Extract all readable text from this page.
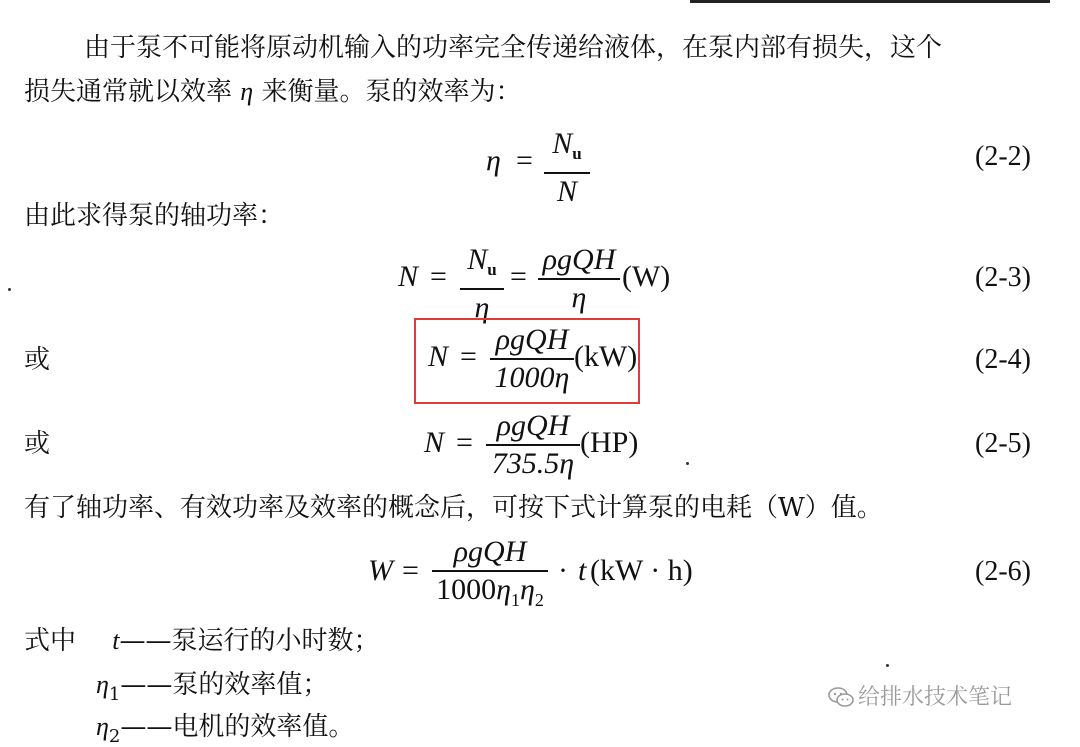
由于泵不可能将原动机输入的功率完全传递给液体，在泵内部有损失，这个
损失通常就以效率 η 来衡量。泵的效率为：
$\eta = \frac{N_u}{N}$	(2-2)
由此求得泵的轴功率：
$N = \frac{N_u}{\eta}$ =
ρgQH
η
(W)	(2-3)
或	N =
ρgQH
1000η
(kW)	(2-4)
或	N =
ρgQH
735.5η
(HP)	(2-5)
有了轴功率、有效功率及效率的概念后，可按下式计算泵的电耗（W）值。
W =
ρgQH
$1000\eta_1\eta_2$
· t (kW · h)	(2-6)
式中 t——泵运行的小时数；
$\eta_1——$泵的效率值；
$\eta_2——$电机的效率值。
给排水技术笔记
